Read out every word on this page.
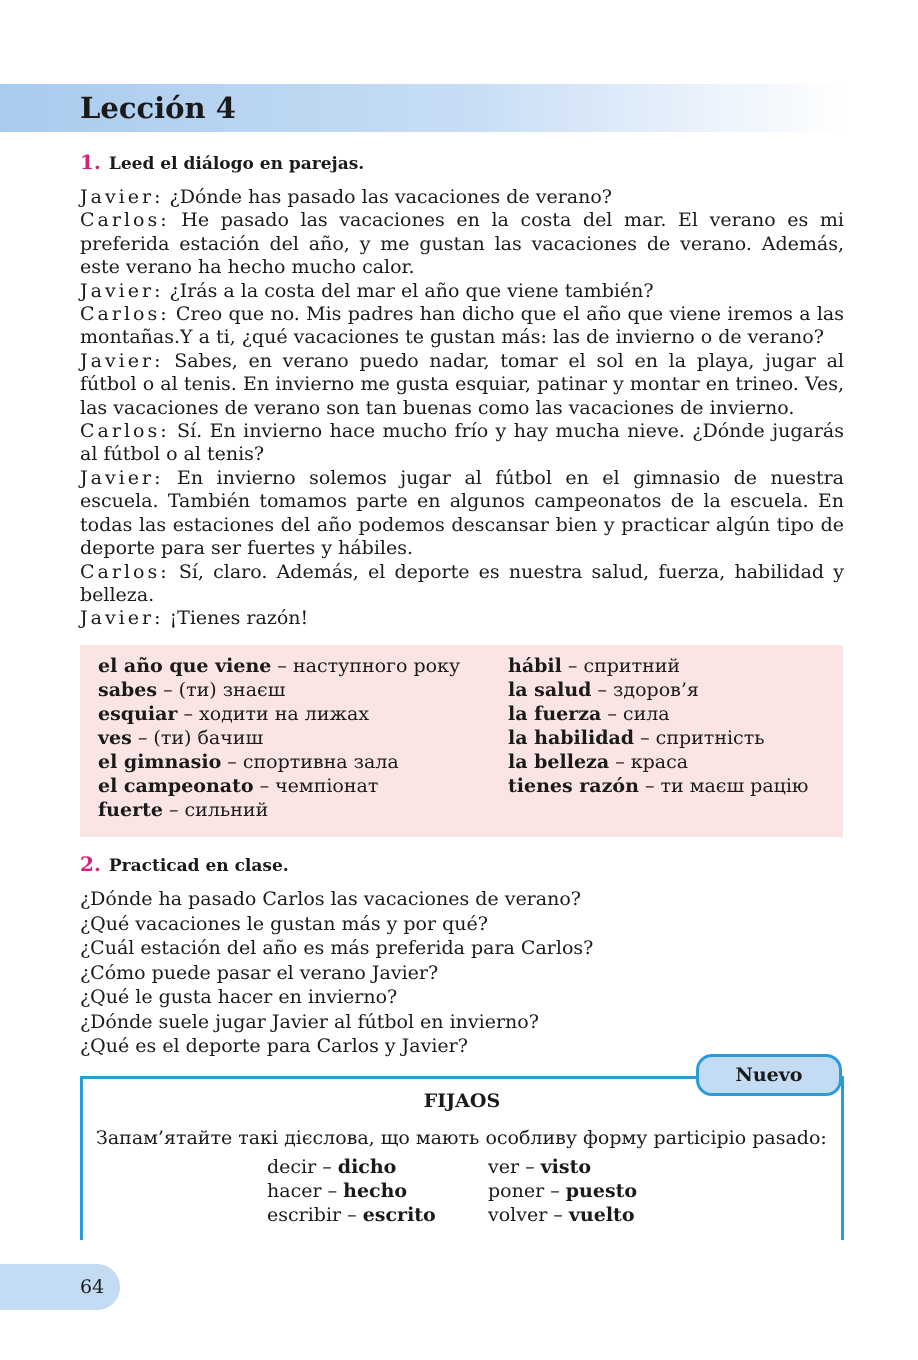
Lección 4

1. Leed el diálogo en parejas.

Javier: ¿Dónde has pasado las vacaciones de verano?

Carlos: He pasado las vacaciones en la costa del mar. El verano es mi preferida estación del año, y me gustan las vacaciones de verano. Además, este verano ha hecho mucho calor.

Javier: ¿Irás a la costa del mar el año que viene también?

Carlos: Creo que no. Mis padres han dicho que el año que viene iremos a las montañas.Y a ti, ¿qué vacaciones te gustan más: las de invierno o de verano?

Javier: Sabes, en verano puedo nadar, tomar el sol en la playa, jugar al fútbol o al tenis. En invierno me gusta esquiar, patinar y montar en trineo. Ves, las vacaciones de verano son tan buenas como las vacaciones de invierno.

Carlos: Sí. En invierno hace mucho frío y hay mucha nieve. ¿Dónde jugarás al fútbol o al tenis?

Javier: En invierno solemos jugar al fútbol en el gimnasio de nuestra escuela. También tomamos parte en algunos campeonatos de la escuela. En todas las estaciones del año podemos descansar bien y practicar algún tipo de deporte para ser fuertes y hábiles.

Carlos: Sí, claro. Además, el deporte es nuestra salud, fuerza, habilidad y belleza.

Javier: ¡Tienes razón!

el año que viene – наступного року
sabes – (ти) знаєш
esquiar – ходити на лижах
ves – (ти) бачиш
el gimnasio – спортивна зала
el campeonato – чемпіонат
fuerte – сильний
hábil – спритний
la salud – здоров’я
la fuerza – сила
la habilidad – спритність
la belleza – краса
tienes razón – ти маєш рацію

2. Practicad en clase.

¿Dónde ha pasado Carlos las vacaciones de verano?
¿Qué vacaciones le gustan más y por qué?
¿Cuál estación del año es más preferida para Carlos?
¿Cómo puede pasar el verano Javier?
¿Qué le gusta hacer en invierno?
¿Dónde suele jugar Javier al fútbol en invierno?
¿Qué es el deporte para Carlos y Javier?
Nuevo

FIJAOS

Запам’ятайте такі дієслова, що мають особливу форму participio pasado:

decir – dicho
hacer – hecho
escribir – escrito
ver – visto
poner – puesto
volver – vuelto
64
